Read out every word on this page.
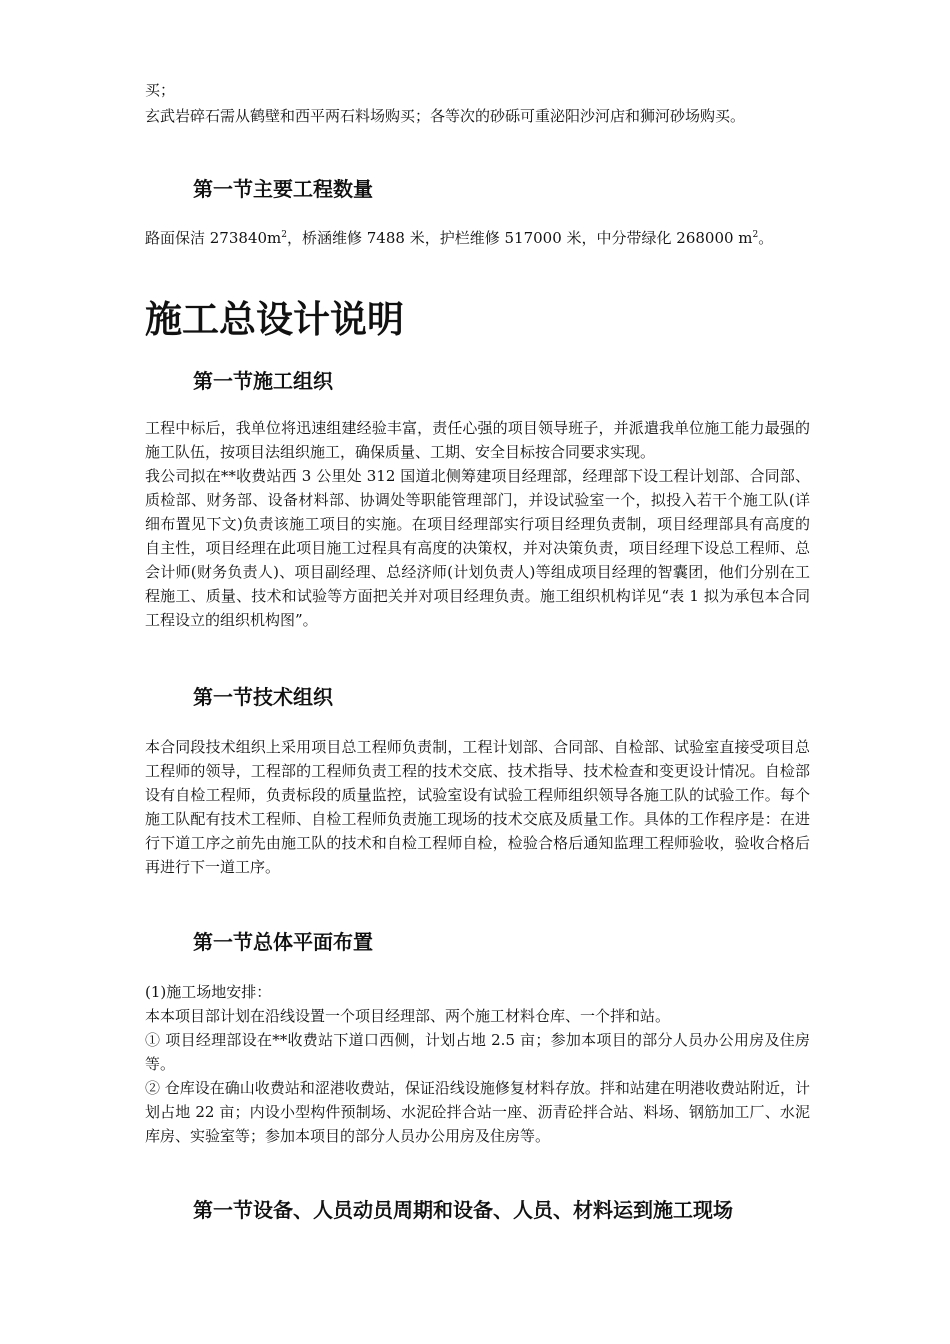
买；

玄武岩碎石需从鹤壁和西平两石料场购买；各等次的砂砾可重泌阳沙河店和狮河砂场购买。

第一节主要工程数量

路面保洁 $273840m^2$，桥涵维修 7488 米，护栏维修 517000 米，中分带绿化 268000 $m^2$。

施工总设计说明
第一节施工组织

工程中标后，我单位将迅速组建经验丰富，责任心强的项目领导班子，并派遣我单位施工能力最强的施工队伍，按项目法组织施工，确保质量、工期、安全目标按合同要求实现。

我公司拟在**收费站西 3 公里处 312 国道北侧筹建项目经理部，经理部下设工程计划部、合同部、质检部、财务部、设备材料部、协调处等职能管理部门，并设试验室一个，拟投入若干个施工队(详细布置见下文)负责该施工项目的实施。在项目经理部实行项目经理负责制，项目经理部具有高度的自主性，项目经理在此项目施工过程具有高度的决策权，并对决策负责，项目经理下设总工程师、总会计师(财务负责人)、项目副经理、总经济师(计划负责人)等组成项目经理的智囊团，他们分别在工程施工、质量、技术和试验等方面把关并对项目经理负责。施工组织机构详见“表 1 拟为承包本合同工程设立的组织机构图”。

第一节技术组织

本合同段技术组织上采用项目总工程师负责制，工程计划部、合同部、自检部、试验室直接受项目总工程师的领导，工程部的工程师负责工程的技术交底、技术指导、技术检查和变更设计情况。自检部设有自检工程师，负责标段的质量监控，试验室设有试验工程师组织领导各施工队的试验工作。每个施工队配有技术工程师、自检工程师负责施工现场的技术交底及质量工作。具体的工作程序是：在进行下道工序之前先由施工队的技术和自检工程师自检，检验合格后通知监理工程师验收，验收合格后再进行下一道工序。

第一节总体平面布置

(1)施工场地安排：

本本项目部计划在沿线设置一个项目经理部、两个施工材料仓库、一个拌和站。

① 项目经理部设在**收费站下道口西侧，计划占地 2.5 亩；参加本项目的部分人员办公用房及住房等。

② 仓库设在确山收费站和涩港收费站，保证沿线设施修复材料存放。拌和站建在明港收费站附近，计划占地 22 亩；内设小型构件预制场、水泥砼拌合站一座、沥青砼拌合站、料场、钢筋加工厂、水泥库房、实验室等；参加本项目的部分人员办公用房及住房等。

第一节设备、人员动员周期和设备、人员、材料运到施工现场
